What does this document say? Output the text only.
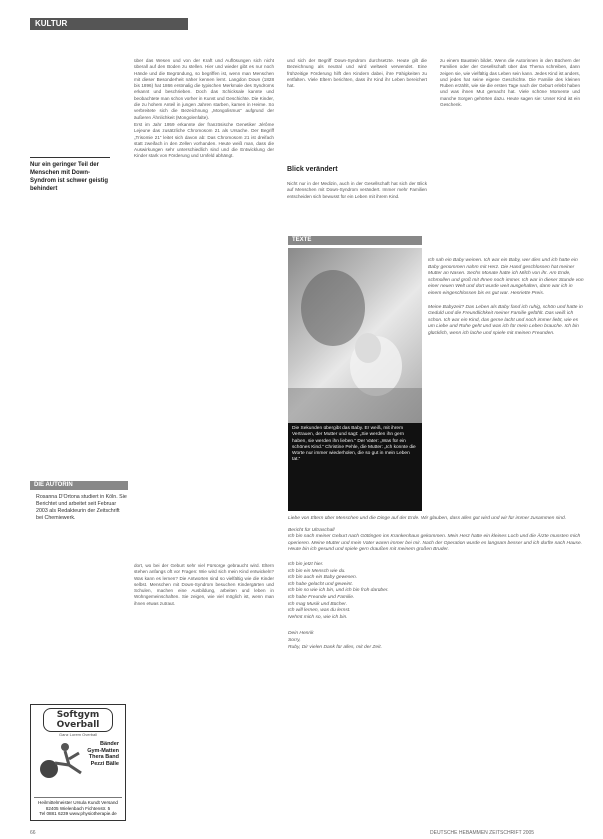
KULTUR
Nur ein geringer Teil der Menschen mit Down-Syndrom ist schwer geistig behindert

über das Wesen und von der Kraft und Auflösungen sich nicht überall auf den Boden zu stellen. Hier und wieder gibt es nur noch Hände und die Begründung, so begriffen ist, wenn man Menschen mit dieser Besonderheit näher kennen lernt. Langdon Down (1828 bis 1896) hat 1866 erstmalig die typischen Merkmale des Syndroms erkannt und beschrieben. Doch das Schicksale kannte und beobachtete man schon vorher in Kunst und Geschichte. Die Kinder, die zu hohem Anteil in jungen Jahren starben, kamen in Heime. So verbreitete sich die Bezeichnung „Mongolismus“ aufgrund der äußeren Ähnlichkeit (Mongolenfalte).

Erst im Jahr 1959 erkannte der französische Genetiker Jérôme Lejeune das zusätzliche Chromosom 21 als Ursache. Der Begriff „Trisomie 21“ leitet sich davon ab: Das Chromosom 21 ist dreifach statt zweifach in den Zellen vorhanden. Heute weiß man, dass die Auswirkungen sehr unterschiedlich sind und die Entwicklung der Kinder stark von Förderung und Umfeld abhängt.

dort, wo bei der Geburt sehr viel Fürsorge gebraucht wird. Eltern stehen anfangs oft vor Fragen: Wie wird sich mein Kind entwickeln? Was kann es lernen? Die Antworten sind so vielfältig wie die Kinder selbst. Menschen mit Down-Syndrom besuchen Kindergärten und Schulen, machen eine Ausbildung, arbeiten und leben in Wohngemeinschaften. Sie zeigen, wie viel möglich ist, wenn man ihnen etwas zutraut.
und sich der Begriff Down-Syndrom durchsetzte. Heute gilt die Bezeichnung als neutral und wird weltweit verwendet. Eine frühzeitige Förderung hilft den Kindern dabei, ihre Fähigkeiten zu entfalten. Viele Eltern berichten, dass ihr Kind ihr Leben bereichert hat.
Blick verändert
Nicht nur in der Medizin, auch in der Gesellschaft hat sich der Blick auf Menschen mit Down-Syndrom verändert. Immer mehr Familien entscheiden sich bewusst für ein Leben mit ihrem Kind.
zu einem Baustein bildet. Wenn die Autorinnen in den Büchern der Familien oder der Gesellschaft über das Thema schreiben, dann zeigen sie, wie vielfältig das Leben sein kann. Jedes Kind ist anders, und jedes hat seine eigene Geschichte. Die Familie des kleinen Ruben erzählt, wie sie die ersten Tage nach der Geburt erlebt haben und was ihnen Mut gemacht hat. Viele schöne Momente und manche Sorgen gehörten dazu. Heute sagen sie: Unser Kind ist ein Geschenk.
TEXTE
Die Sekunden übergibt das Baby. Er weiß, mit ihrem Vertrauen, der Mutter und sagt: „Sie werden ihn gern haben, sie werden ihn lieben.“ Der Vater: „Was für ein schönes Kind.“ Christine Pehle, die Mutter: „Ich konnte die Worte nur immer wiederholen, die so gut in mein Leben tat.“

Ich sah ein Baby weinen. Ich war ein Baby, wer dies und ich hatte ein Baby genommen nahm mit Herz. Die Hand geschlossen hat meiner Mutter an Nasen. Sechs Monate hatte ich Milch von ihr. Am Ende, schmollen und groß mit Ihnen noch immer. Ich war in dieser Stunde von einer neuen Welt und dort wurde weit ausgehalten, dann war ich in einem eingeschlossen bis es gut war. Henriette Preis.

Meine Babyzeit? Das Leben als Baby fand ich ruhig, schön und hatte in Geduld und die Freundlichkeit meiner Familie gefühlt. Das weiß ich schon. Ich war ein Kind, das gerne lacht und noch immer liebt, wie es um Liebe und Ruhe geht und was ich für mein Leben brauche. Ich bin glücklich, wenn ich lache und spiele mit meinen Freunden.

Liebe von Eltern über Menschen und die Dinge auf der Erde. Wir glauben, dass alles gut wird und wir für immer zusammen sind.

Bericht für Ultraschall

Ich bin nach meiner Geburt nach Göttingen ins Krankenhaus gekommen. Mein Herz hatte ein kleines Loch und die Ärzte mussten mich operieren. Meine Mutter und mein Vater waren immer bei mir. Nach der Operation wurde es langsam besser und ich durfte nach Hause. Heute bin ich gesund und spiele gern draußen mit meinem großen Bruder.

Ich bin jetzt hier.

Ich bin ein Mensch wie du.

Ich bin auch ein Baby gewesen.

Ich habe gelacht und geweint.

Ich bin so wie ich bin, und ich bin froh darüber.

Ich habe Freunde und Familie.

Ich mag Musik und Bücher.

Ich will lernen, was du lernst.

Nehmt mich so, wie ich bin.

Dein Henrik

Sorry,

Ruby, Dir vielen Dank für alles, mit der Zeit.

DIE AUTORIN
Rosanna D'Ortona studiert in Köln. Sie Berichtet und arbeitet seit Februar 2003 als Redakteurin der Zeitschrift bei Chemiewerk.
Softgym Overball
Ganz Lorem Overball
Bänder
Gym-Matten
Thera Band
Pezzi Bälle
Heilmittelmeister Ursula Kundt Versand
82405 Wielenbach Fichtenstr. 5
Tel 0881 6239 www.physiotherapie.de
66	DEUTSCHE HEBAMMEN ZEITSCHRIFT 2005
